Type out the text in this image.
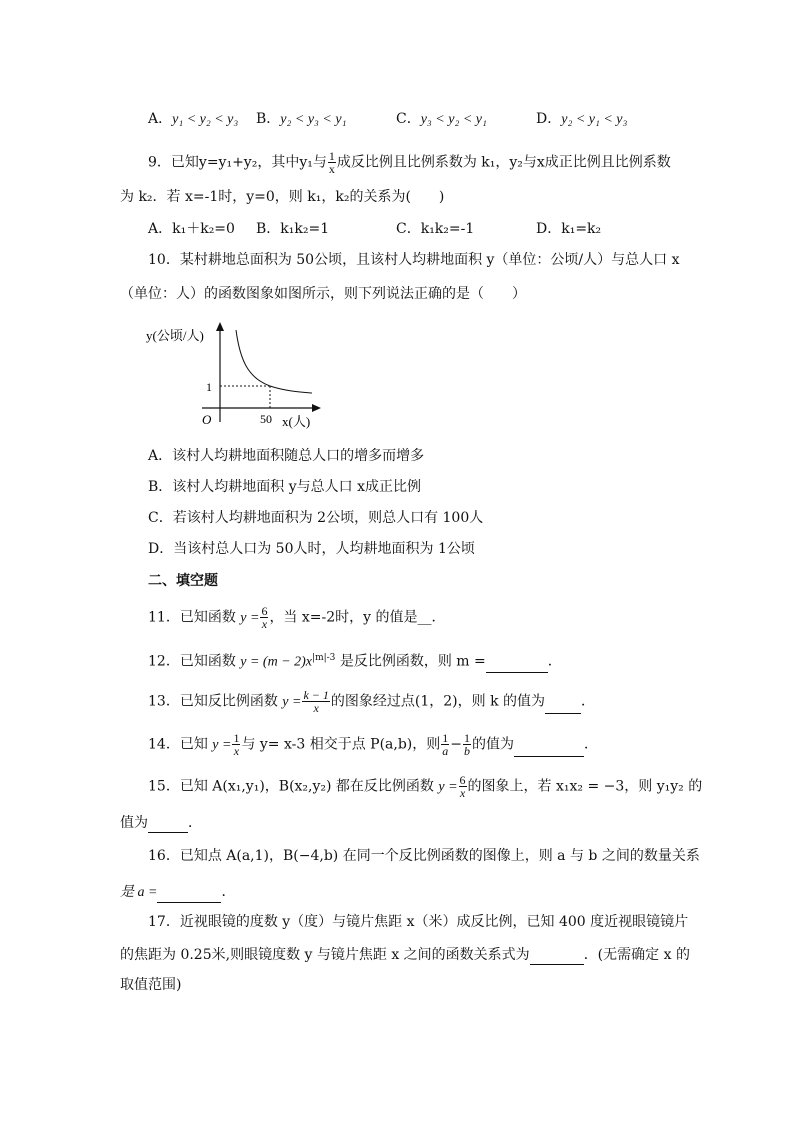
A．y₁ < y₂ < y₃ B．y₂ < y₃ < y₁	C．y₃ < y₂ < y₁	D．y₂ < y₁ < y₃
9．已知y=y₁+y₂，其中y₁与 $\frac{1}{x}$ 成反比例且比例系数为 k₁，y₂与x成正比例且比例系数
为 k₂．若 x=-1时，y=0，则 k₁，k₂的关系为(　　)
A．k₁＋k₂=0 B．k₁k₂=1	C．k₁k₂=-1	D．k₁=k₂
10．某村耕地总面积为 50公顷，且该村人均耕地面积 y（单位：公顷/人）与总人口 x
（单位：人）的函数图象如图所示，则下列说法正确的是（　　）
y(公顷/人)
x(人)
O
1
50
A．该村人均耕地面积随总人口的增多而增多
B．该村人均耕地面积 y与总人口 x成正比例
C．若该村人均耕地面积为 2公顷，则总人口有 100人
D．当该村总人口为 50人时，人均耕地面积为 1公顷
二、填空题
11．已知函数 $y = \frac{6}{x}$ ，当 x=-2时，y 的值是__．
12．已知函数 $y = (m - 2)x^{|m|-3}$ 是反比例函数，则 m =	．
13．已知反比例函数 $y = \frac{k - 1}{x}$ 的图象经过点(1，2)，则 k 的值为	．
14．已知 $y = \frac{1}{x}$ 与 y= x-3 相交于点 P(a,b)，则 $\frac{1}{a} - \frac{1}{b}$ 的值为	．
15．已知 A(x₁,y₁)，B(x₂,y₂) 都在反比例函数 $y = \frac{6}{x}$ 的图象上，若 x₁x₂ = −3，则 y₁y₂ 的
值为	．
16．已知点 A(a,1)，B(−4,b) 在同一个反比例函数的图像上，则 a 与 b 之间的数量关系
是 a =	．
17．近视眼镜的度数 y（度）与镜片焦距 x（米）成反比例，已知 400 度近视眼镜镜片
的焦距为 0.25米,则眼镜度数 y 与镜片焦距 x 之间的函数关系式为	．(无需确定 x 的
取值范围)
